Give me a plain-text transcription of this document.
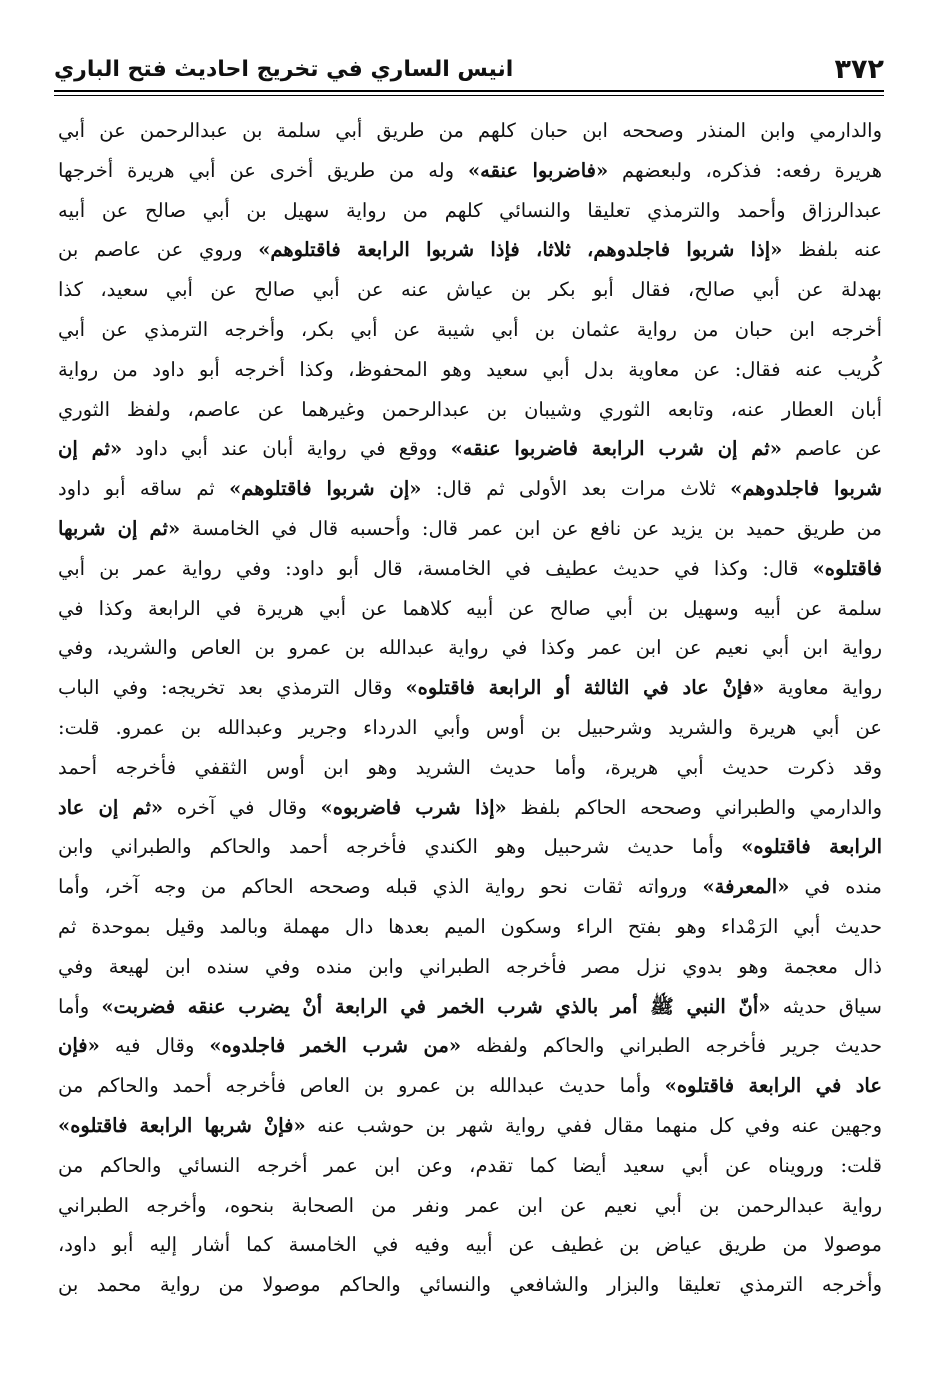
٣٧٢
انيس الساري في تخريج احاديث فتح الباري
والدارمي وابن المنذر وصححه ابن حبان كلهم من طريق أبي سلمة بن عبدالرحمن عن أبي
هريرة رفعه: فذكره، ولبعضهم «فاضربوا عنقه» وله من طريق أخرى عن أبي هريرة أخرجها
عبدالرزاق وأحمد والترمذي تعليقا والنسائي كلهم من رواية سهيل بن أبي صالح عن أبيه
عنه بلفظ «إذا شربوا فاجلدوهم، ثلاثا، فإذا شربوا الرابعة فاقتلوهم» وروي عن عاصم بن
بهدلة عن أبي صالح، فقال أبو بكر بن عياش عنه عن أبي صالح عن أبي سعيد، كذا
أخرجه ابن حبان من رواية عثمان بن أبي شيبة عن أبي بكر، وأخرجه الترمذي عن أبي
كُريب عنه فقال: عن معاوية بدل أبي سعيد وهو المحفوظ، وكذا أخرجه أبو داود من رواية
أبان العطار عنه، وتابعه الثوري وشيبان بن عبدالرحمن وغيرهما عن عاصم، ولفظ الثوري
عن عاصم «ثم إن شرب الرابعة فاضربوا عنقه» ووقع في رواية أبان عند أبي داود «ثم إن
شربوا فاجلدوهم» ثلاث مرات بعد الأولى ثم قال: «إن شربوا فاقتلوهم» ثم ساقه أبو داود
من طريق حميد بن يزيد عن نافع عن ابن عمر قال: وأحسبه قال في الخامسة «ثم إن شربها
فاقتلوه» قال: وكذا في حديث عطيف في الخامسة، قال أبو داود: وفي رواية عمر بن أبي
سلمة عن أبيه وسهيل بن أبي صالح عن أبيه كلاهما عن أبي هريرة في الرابعة وكذا في
رواية ابن أبي نعيم عن ابن عمر وكذا في رواية عبدالله بن عمرو بن العاص والشريد، وفي
رواية معاوية «فإنْ عاد في الثالثة أو الرابعة فاقتلوه» وقال الترمذي بعد تخريجه: وفي الباب
عن أبي هريرة والشريد وشرحبيل بن أوس وأبي الدرداء وجرير وعبدالله بن عمرو. قلت:
وقد ذكرت حديث أبي هريرة، وأما حديث الشريد وهو ابن أوس الثقفي فأخرجه أحمد
والدارمي والطبراني وصححه الحاكم بلفظ «إذا شرب فاضربوه» وقال في آخره «ثم إن عاد
الرابعة فاقتلوه» وأما حديث شرحبيل وهو الكندي فأخرجه أحمد والحاكم والطبراني وابن
منده في «المعرفة» ورواته ثقات نحو رواية الذي قبله وصححه الحاكم من وجه آخر، وأما
حديث أبي الرَمْداء وهو بفتح الراء وسكون الميم بعدها دال مهملة وبالمد وقيل بموحدة ثم
ذال معجمة وهو بدوي نزل مصر فأخرجه الطبراني وابن منده وفي سنده ابن لهيعة وفي
سياق حديثه «أنّ النبي ﷺ أمر بالذي شرب الخمر في الرابعة أنْ يضرب عنقه فضربت» وأما
حديث جرير فأخرجه الطبراني والحاكم ولفظه «من شرب الخمر فاجلدوه» وقال فيه «فإن
عاد في الرابعة فاقتلوه» وأما حديث عبدالله بن عمرو بن العاص فأخرجه أحمد والحاكم من
وجهين عنه وفي كل منهما مقال ففي رواية شهر بن حوشب عنه «فإنْ شربها الرابعة فاقتلوه»
قلت: ورويناه عن أبي سعيد أيضا كما تقدم، وعن ابن عمر أخرجه النسائي والحاكم من
رواية عبدالرحمن بن أبي نعيم عن ابن عمر ونفر من الصحابة بنحوه، وأخرجه الطبراني
موصولا من طريق عياض بن غطيف عن أبيه وفيه في الخامسة كما أشار إليه أبو داود،
وأخرجه الترمذي تعليقا والبزار والشافعي والنسائي والحاكم موصولا من رواية محمد بن
